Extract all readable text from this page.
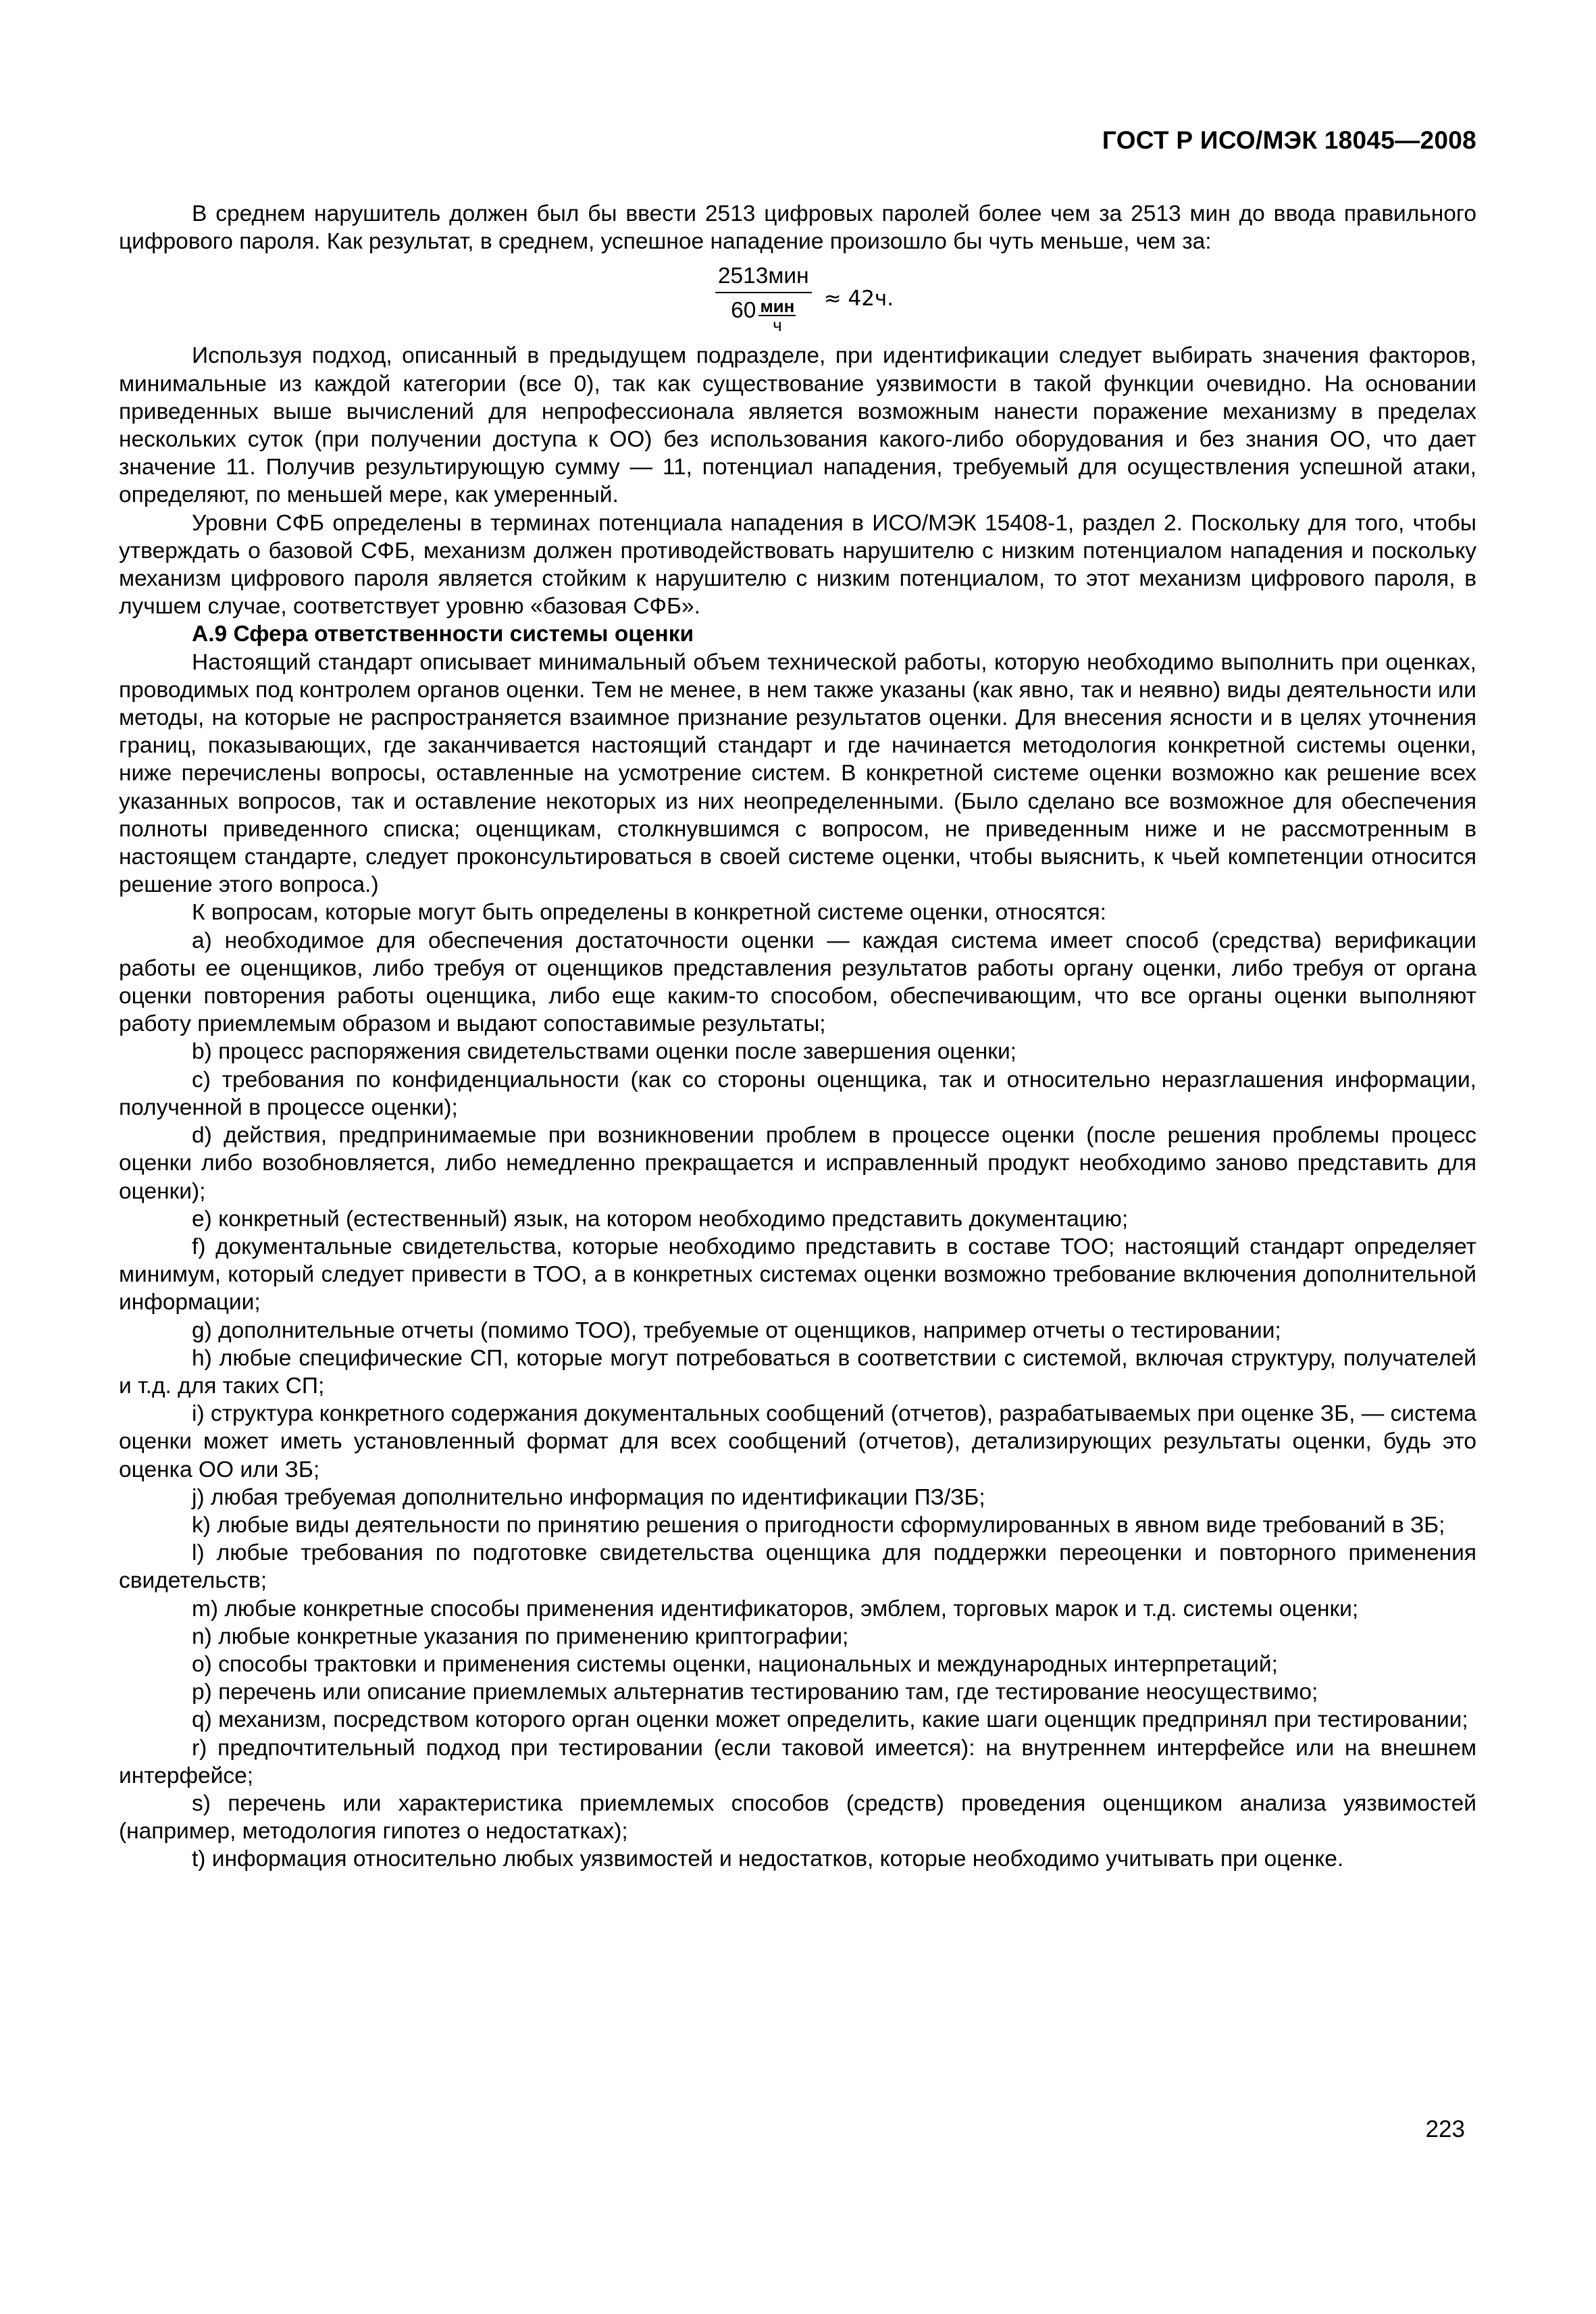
ГОСТ Р ИСО/МЭК 18045—2008

В среднем нарушитель должен был бы ввести 2513 цифровых паролей более чем за 2513 мин до ввода правильного цифрового пароля. Как результат, в среднем, успешное нападение произошло бы чуть меньше, чем за:

2513мин
60 мин
ч ≈ 42ч.

Используя подход, описанный в предыдущем подразделе, при идентификации следует выбирать значения факторов, минимальные из каждой категории (все 0), так как существование уязвимости в такой функции очевидно. На основании приведенных выше вычислений для непрофессионала является возможным нанести поражение механизму в пределах нескольких суток (при получении доступа к ОО) без использования какого-либо оборудования и без знания ОО, что дает значение 11. Получив результирующую сумму — 11, потенциал нападения, требуемый для осуществления успешной атаки, определяют, по меньшей мере, как умеренный.

Уровни СФБ определены в терминах потенциала нападения в ИСО/МЭК 15408-1, раздел 2. Поскольку для того, чтобы утверждать о базовой СФБ, механизм должен противодействовать нарушителю с низким потенциалом нападения и поскольку механизм цифрового пароля является стойким к нарушителю с низким потенциалом, то этот механизм цифрового пароля, в лучшем случае, соответствует уровню «базовая СФБ».

А.9 Сфера ответственности системы оценки

Настоящий стандарт описывает минимальный объем технической работы, которую необходимо выполнить при оценках, проводимых под контролем органов оценки. Тем не менее, в нем также указаны (как явно, так и неявно) виды деятельности или методы, на которые не распространяется взаимное признание результатов оценки. Для внесения ясности и в целях уточнения границ, показывающих, где заканчивается настоящий стандарт и где начинается методология конкретной системы оценки, ниже перечислены вопросы, оставленные на усмотрение систем. В конкретной системе оценки возможно как решение всех указанных вопросов, так и оставление некоторых из них неопределенными. (Было сделано все возможное для обеспечения полноты приведенного списка; оценщикам, столкнувшимся с вопросом, не приведенным ниже и не рассмотренным в настоящем стандарте, следует проконсультироваться в своей системе оценки, чтобы выяснить, к чьей компетенции относится решение этого вопроса.)

К вопросам, которые могут быть определены в конкретной системе оценки, относятся:

a) необходимое для обеспечения достаточности оценки — каждая система имеет способ (средства) верификации работы ее оценщиков, либо требуя от оценщиков представления результатов работы органу оценки, либо требуя от органа оценки повторения работы оценщика, либо еще каким-то способом, обеспечивающим, что все органы оценки выполняют работу приемлемым образом и выдают сопоставимые результаты;

b) процесс распоряжения свидетельствами оценки после завершения оценки;

c) требования по конфиденциальности (как со стороны оценщика, так и относительно неразглашения информации, полученной в процессе оценки);

d) действия, предпринимаемые при возникновении проблем в процессе оценки (после решения проблемы процесс оценки либо возобновляется, либо немедленно прекращается и исправленный продукт необходимо заново представить для оценки);

e) конкретный (естественный) язык, на котором необходимо представить документацию;

f) документальные свидетельства, которые необходимо представить в составе ТОО; настоящий стандарт определяет минимум, который следует привести в ТОО, а в конкретных системах оценки возможно требование включения дополнительной информации;

g) дополнительные отчеты (помимо ТОО), требуемые от оценщиков, например отчеты о тестировании;

h) любые специфические СП, которые могут потребоваться в соответствии с системой, включая структуру, получателей и т.д. для таких СП;

i) структура конкретного содержания документальных сообщений (отчетов), разрабатываемых при оценке ЗБ, — система оценки может иметь установленный формат для всех сообщений (отчетов), детализирующих результаты оценки, будь это оценка ОО или ЗБ;

j) любая требуемая дополнительно информация по идентификации ПЗ/ЗБ;

k) любые виды деятельности по принятию решения о пригодности сформулированных в явном виде требований в ЗБ;

l) любые требования по подготовке свидетельства оценщика для поддержки переоценки и повторного применения свидетельств;

m) любые конкретные способы применения идентификаторов, эмблем, торговых марок и т.д. системы оценки;

n) любые конкретные указания по применению криптографии;

o) способы трактовки и применения системы оценки, национальных и международных интерпретаций;

p) перечень или описание приемлемых альтернатив тестированию там, где тестирование неосуществимо;

q) механизм, посредством которого орган оценки может определить, какие шаги оценщик предпринял при тестировании;

r) предпочтительный подход при тестировании (если таковой имеется): на внутреннем интерфейсе или на внешнем интерфейсе;

s) перечень или характеристика приемлемых способов (средств) проведения оценщиком анализа уязвимостей (например, методология гипотез о недостатках);

t) информация относительно любых уязвимостей и недостатков, которые необходимо учитывать при оценке.

223
